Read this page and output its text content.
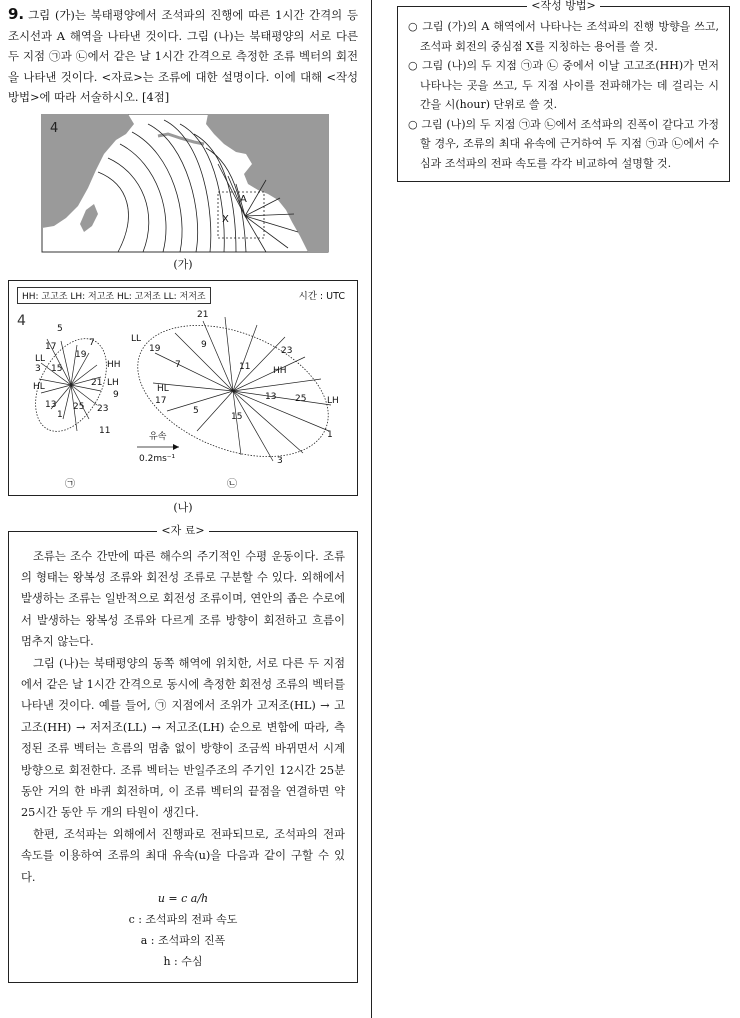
9. 그림 (가)는 북태평양에서 조석파의 진행에 따른 1시간 간격의 등조시선과 A 해역을 나타낸 것이다. 그림 (나)는 북태평양의 서로 다른 두 지점 ㉠과 ㉡에서 같은 날 1시간 간격으로 측정한 조류 벡터의 회전을 나타낸 것이다. <자료>는 조류에 대한 설명이다. 이에 대해 <작성 방법>에 따라 서술하시오. [4점]
4
A
X
(가)
HH: 고고조 LH: 저고조 HL: 고저조 LL: 저저조	시간 : UTC
4	5
7
17
19
LL
3 15	HH
HL	21 LH
9
13
1
25 23
11
21
LL
19	9
23
7	11	HH
HL
17	13 25 LH
5
15
1
3
유속
0.2ms⁻¹
㉠	㉡
(나)
<자 료>

조류는 조수 간만에 따른 해수의 주기적인 수평 운동이다. 조류의 형태는 왕복성 조류와 회전성 조류로 구분할 수 있다. 외해에서 발생하는 조류는 일반적으로 회전성 조류이며, 연안의 좁은 수로에서 발생하는 왕복성 조류와 다르게 조류 방향이 회전하고 흐름이 멈추지 않는다.

그림 (나)는 북태평양의 동쪽 해역에 위치한, 서로 다른 두 지점에서 같은 날 1시간 간격으로 동시에 측정한 회전성 조류의 벡터를 나타낸 것이다. 예를 들어, ㉠ 지점에서 조위가 고저조(HL) → 고고조(HH) → 저저조(LL) → 저고조(LH) 순으로 변함에 따라, 측정된 조류 벡터는 흐름의 멈춤 없이 방향이 조금씩 바뀌면서 시계 방향으로 회전한다. 조류 벡터는 반일주조의 주기인 12시간 25분 동안 거의 한 바퀴 회전하며, 이 조류 벡터의 끝점을 연결하면 약 25시간 동안 두 개의 타원이 생긴다.

한편, 조석파는 외해에서 진행파로 전파되므로, 조석파의 전파 속도를 이용하여 조류의 최대 유속(u)을 다음과 같이 구할 수 있다.

u = c a/h
c : 조석파의 전파 속도
a : 조석파의 진폭
h : 수심
<작성 방법>
○ 그림 (가)의 A 해역에서 나타나는 조석파의 진행 방향을 쓰고, 조석파 회전의 중심점 X를 지칭하는 용어를 쓸 것.
○ 그림 (나)의 두 지점 ㉠과 ㉡ 중에서 이날 고고조(HH)가 먼저 나타나는 곳을 쓰고, 두 지점 사이를 전파해가는 데 걸리는 시간을 시(hour) 단위로 쓸 것.
○ 그림 (나)의 두 지점 ㉠과 ㉡에서 조석파의 진폭이 같다고 가정할 경우, 조류의 최대 유속에 근거하여 두 지점 ㉠과 ㉡에서 수심과 조석파의 전파 속도를 각각 비교하여 설명할 것.
